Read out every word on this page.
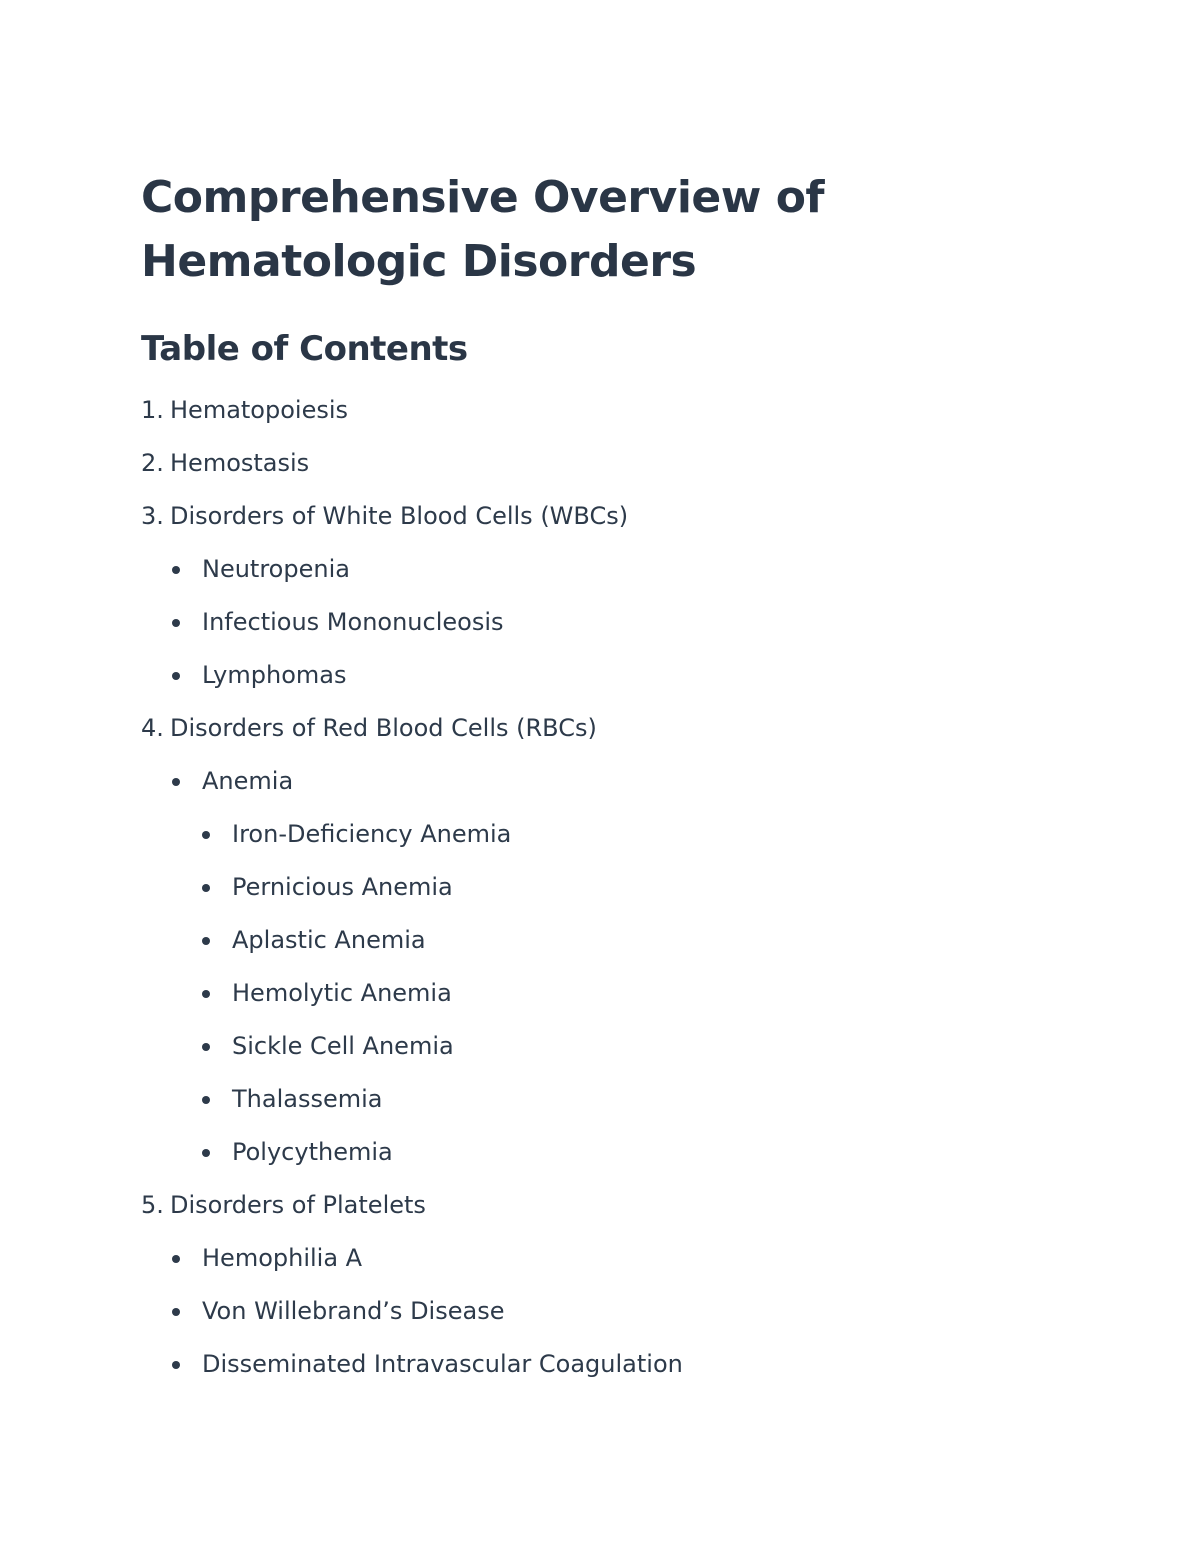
Comprehensive Overview of
Hematologic Disorders
Table of Contents
1. Hematopoiesis
2. Hemostasis
3. Disorders of White Blood Cells (WBCs)
Neutropenia
Infectious Mononucleosis
Lymphomas
4. Disorders of Red Blood Cells (RBCs)
Anemia
Iron-Deficiency Anemia
Pernicious Anemia
Aplastic Anemia
Hemolytic Anemia
Sickle Cell Anemia
Thalassemia
Polycythemia
5. Disorders of Platelets
Hemophilia A
Von Willebrand’s Disease
Disseminated Intravascular Coagulation
